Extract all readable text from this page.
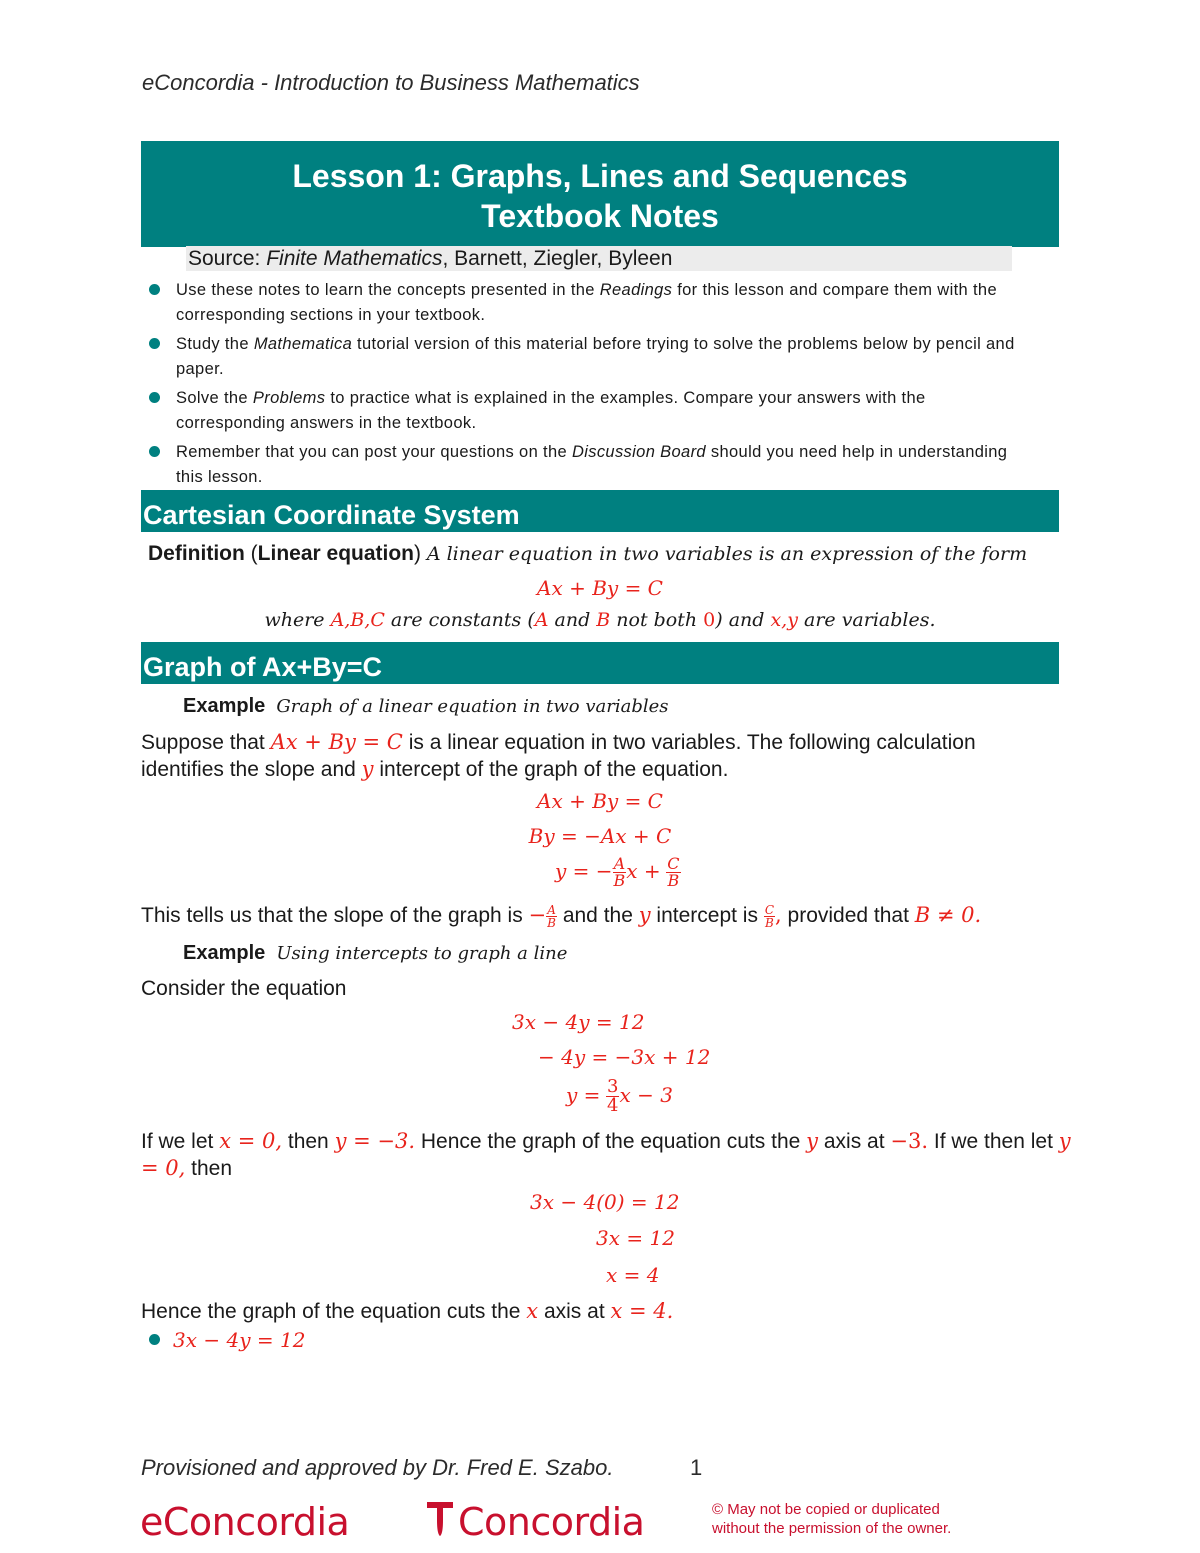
eConcordia - Introduction to Business Mathematics
Lesson 1: Graphs, Lines and Sequences
Textbook Notes
Source: Finite Mathematics, Barnett, Ziegler, Byleen
Use these notes to learn the concepts presented in the Readings for this lesson and compare them with the corresponding sections in your textbook.
Study the Mathematica tutorial version of this material before trying to solve the problems below by pencil and paper.
Solve the Problems to practice what is explained in the examples. Compare your answers with the corresponding answers in the textbook.
Remember that you can post your questions on the Discussion Board should you need help in understanding this lesson.
Cartesian Coordinate System
Definition (Linear equation) A linear equation in two variables is an expression of the form
Ax + By = C
where A,B,C are constants (A and B not both 0) and x,y are variables.
Graph of Ax+By=C
Example Graph of a linear equation in two variables
Suppose that Ax + By = C is a linear equation in two variables. The following calculation identifies the slope and y intercept of the graph of the equation.
Ax + By = C
By = −Ax + C
y = − $\frac{A}{B}$ $x + \frac{C}{B}$
This tells us that the slope of the graph is − $\frac{A}{B}$ and the y intercept is $\frac{C}{B}$ , provided that B ≠ 0.
Example Using intercepts to graph a line
Consider the equation
3x − 4y = 12
− 4y = −3x + 12
$y = \frac{3}{4}$ x − 3
If we let x = 0, then y = −3. Hence the graph of the equation cuts the y axis at −3. If we then let y = 0, then
3x − 4(0) = 12
3x = 12
x = 4
Hence the graph of the equation cuts the x axis at x = 4.
3x − 4y = 12
Provisioned and approved by Dr. Fred E. Szabo.	1
eConcordia	Concordia	© May not be copied or duplicated
without the permission of the owner.
